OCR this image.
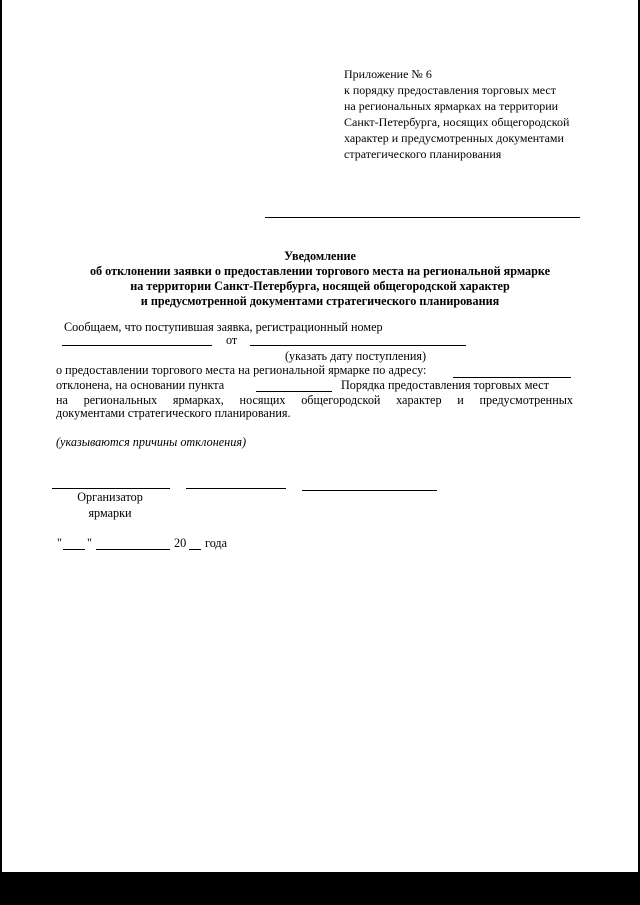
Приложение № 6
к порядку предоставления торговых мест
на региональных ярмарках на территории
Санкт-Петербурга, носящих общегородской
характер и предусмотренных документами
стратегического планирования
Уведомление
об отклонении заявки о предоставлении торгового места на региональной ярмарке
на территории Санкт-Петербурга, носящей общегородской характер
и предусмотренной документами стратегического планирования
Сообщаем, что поступившая заявка, регистрационный номер
от
(указать дату поступления)
о предоставлении торгового места на региональной ярмарке по адресу:
отклонена, на основании пункта	Порядка предоставления торговых мест
на региональных ярмарках, носящих общегородской характер и предусмотренных
документами стратегического планирования.
(указываются причины отклонения)
Организатор
ярмарки
" "	20 года
